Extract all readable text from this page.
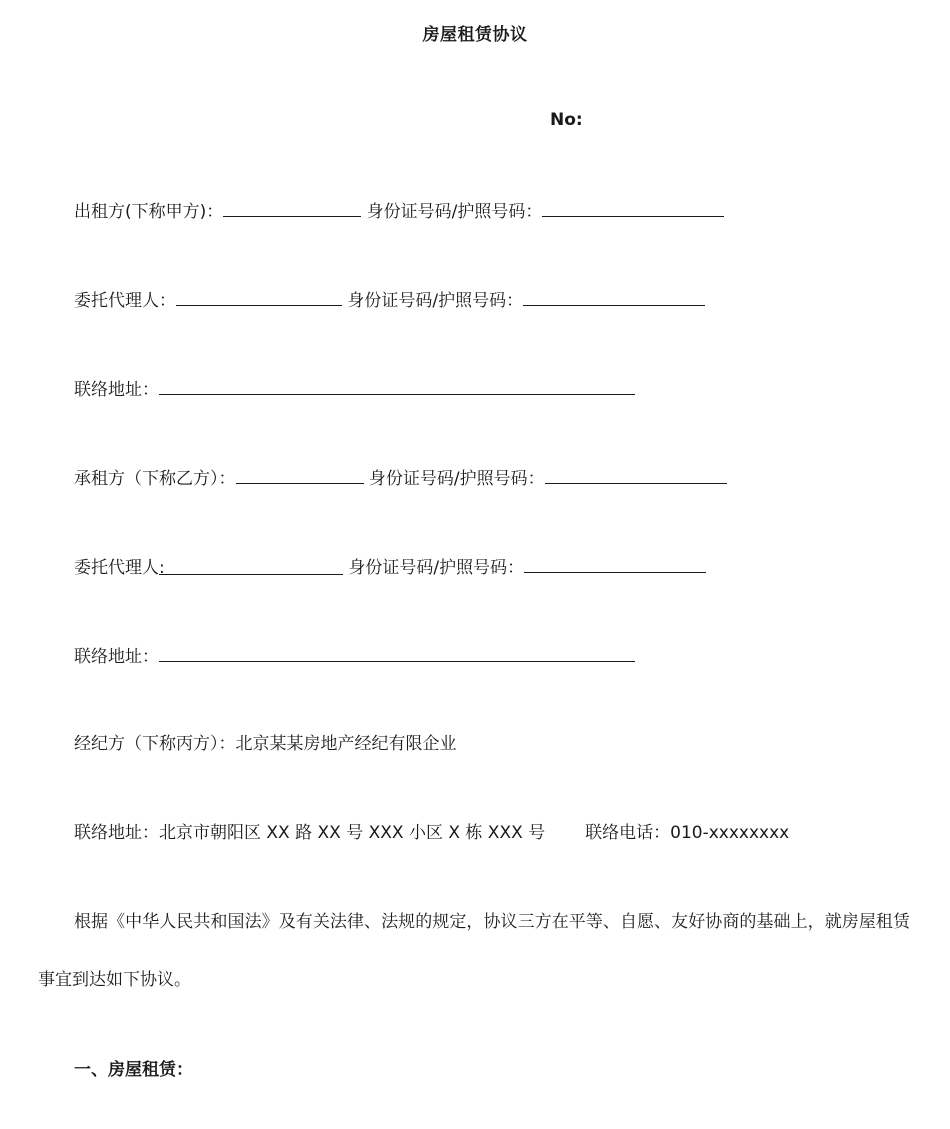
房屋租赁协议
No:
出租方(下称甲方)：	身份证号码/护照号码：
委托代理人：	身份证号码/护照号码：
联络地址：
承租方（下称乙方）：	身份证号码/护照号码：
委托代理人:	身份证号码/护照号码：
联络地址：
经纪方（下称丙方）：北京某某房地产经纪有限企业
联络地址：北京市朝阳区 XX 路 XX 号 XXX 小区 X 栋 XXX 号 联络电话：010-xxxxxxxx
根据《中华人民共和国法》及有关法律、法规的规定，协议三方在平等、自愿、友好协商的基础上，就房屋租赁事宜到达如下协议。
一、房屋租赁：
